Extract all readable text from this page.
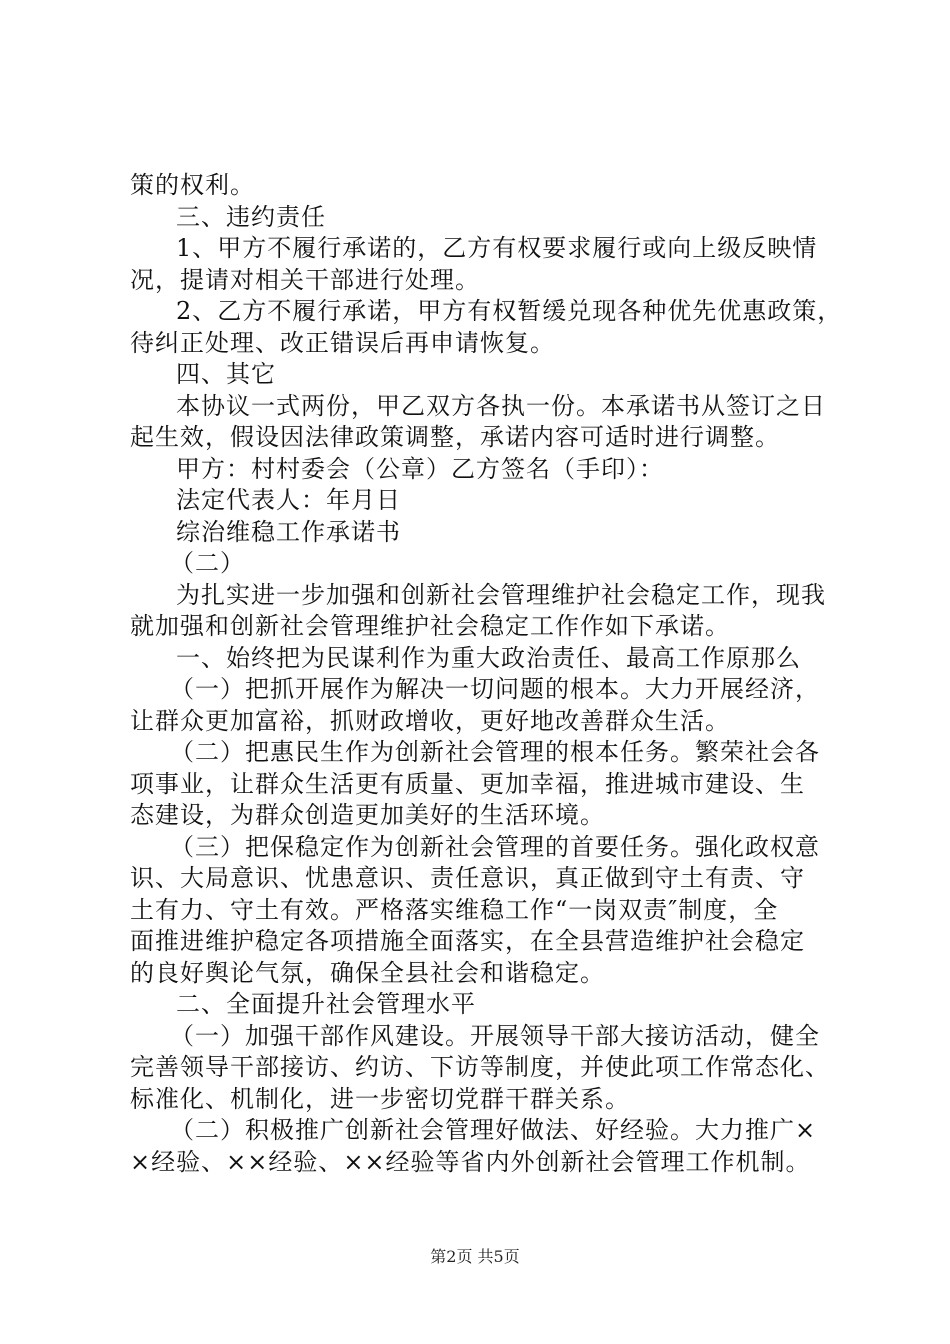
策的权利。
三、违约责任
1、甲方不履行承诺的，乙方有权要求履行或向上级反映情
况，提请对相关干部进行处理。
2、乙方不履行承诺，甲方有权暂缓兑现各种优先优惠政策，
待纠正处理、改正错误后再申请恢复。
四、其它
本协议一式两份，甲乙双方各执一份。本承诺书从签订之日
起生效，假设因法律政策调整，承诺内容可适时进行调整。
甲方：村村委会（公章）乙方签名（手印）：
法定代表人：年月日
综治维稳工作承诺书
（二）
为扎实进一步加强和创新社会管理维护社会稳定工作，现我
就加强和创新社会管理维护社会稳定工作作如下承诺。
一、始终把为民谋利作为重大政治责任、最高工作原那么
（一）把抓开展作为解决一切问题的根本。大力开展经济，
让群众更加富裕，抓财政增收，更好地改善群众生活。
（二）把惠民生作为创新社会管理的根本任务。繁荣社会各
项事业，让群众生活更有质量、更加幸福，推进城市建设、生
态建设，为群众创造更加美好的生活环境。
（三）把保稳定作为创新社会管理的首要任务。强化政权意
识、大局意识、忧患意识、责任意识，真正做到守土有责、守
土有力、守土有效。严格落实维稳工作“一岗双责″制度，全
面推进维护稳定各项措施全面落实，在全县营造维护社会稳定
的良好舆论气氛，确保全县社会和谐稳定。
二、全面提升社会管理水平
（一）加强干部作风建设。开展领导干部大接访活动，健全
完善领导干部接访、约访、下访等制度，并使此项工作常态化、
标准化、机制化，进一步密切党群干群关系。
（二）积极推广创新社会管理好做法、好经验。大力推广×
×经验、××经验、××经验等省内外创新社会管理工作机制。
第2页 共5页
